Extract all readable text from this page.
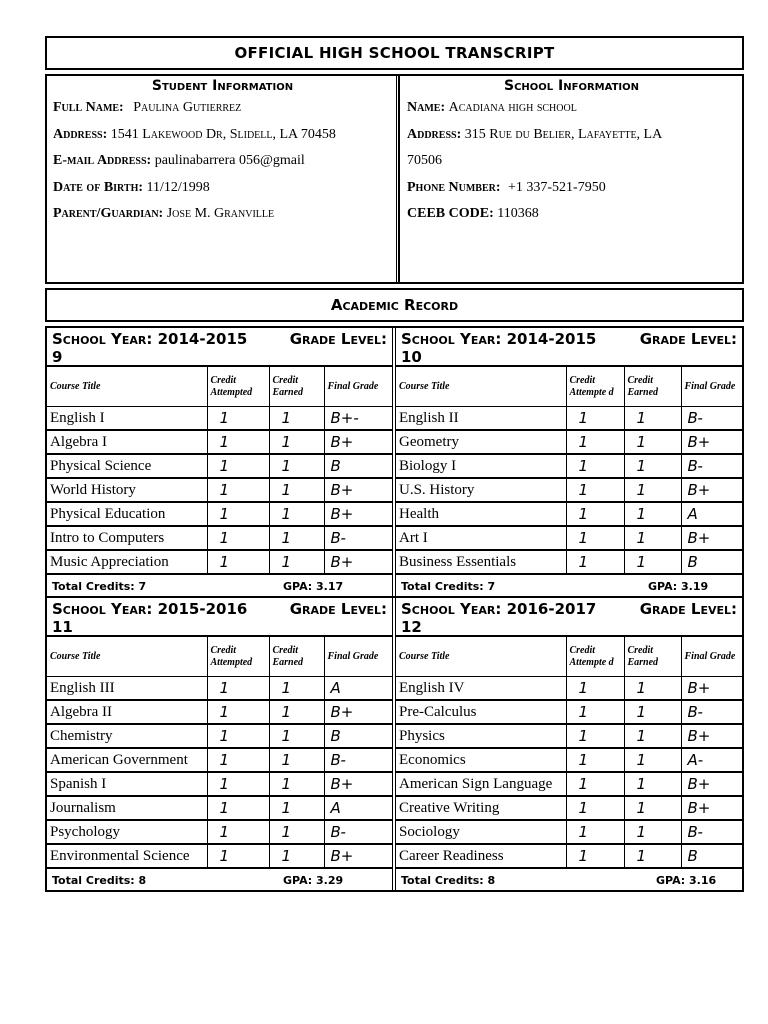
OFFICIAL HIGH SCHOOL TRANSCRIPT
Student Information
Full Name: Paulina Gutierrez
Address: 1541 Lakewood Dr, Slidell, LA 70458
E-mail Address: paulinabarrera 056@gmail
Date of Birth: 11/12/1998
Parent/Guardian: Jose M. Granville
School Information
Name: Acadiana high school
Address: 315 Rue du Belier, Lafayette, LA
70506
Phone Number: +1 337-521-7950
CEEB CODE: 110368
Academic Record
School Year: 2014-2015	Grade Level:
9
Course Title	Credit Attempted	Credit Earned	Final Grade
English I	1	1	B+-
Algebra I	1	1	B+
Physical Science	1	1	B
World History	1	1	B+
Physical Education	1	1	B+
Intro to Computers	1	1	B-
Music Appreciation	1	1	B+
Total Credits: 7	GPA: 3.17
School Year: 2014-2015	Grade Level:
10
Course Title	Credit Attempte d	Credit Earned	Final Grade
English II	1	1	B-
Geometry	1	1	B+
Biology I	1	1	B-
U.S. History	1	1	B+
Health	1	1	A
Art I	1	1	B+
Business Essentials	1	1	B
Total Credits: 7	GPA: 3.19
School Year: 2015-2016	Grade Level:
11
Course Title	Credit Attempted	Credit Earned	Final Grade
English III	1	1	A
Algebra II	1	1	B+
Chemistry	1	1	B
American Government	1	1	B-
Spanish I	1	1	B+
Journalism	1	1	A
Psychology	1	1	B-
Environmental Science	1	1	B+
Total Credits: 8	GPA: 3.29
School Year: 2016-2017	Grade Level:
12
Course Title	Credit Attempte d	Credit Earned	Final Grade
English IV	1	1	B+
Pre-Calculus	1	1	B-
Physics	1	1	B+
Economics	1	1	A-
American Sign Language	1	1	B+
Creative Writing	1	1	B+
Sociology	1	1	B-
Career Readiness	1	1	B
Total Credits: 8	GPA: 3.16
